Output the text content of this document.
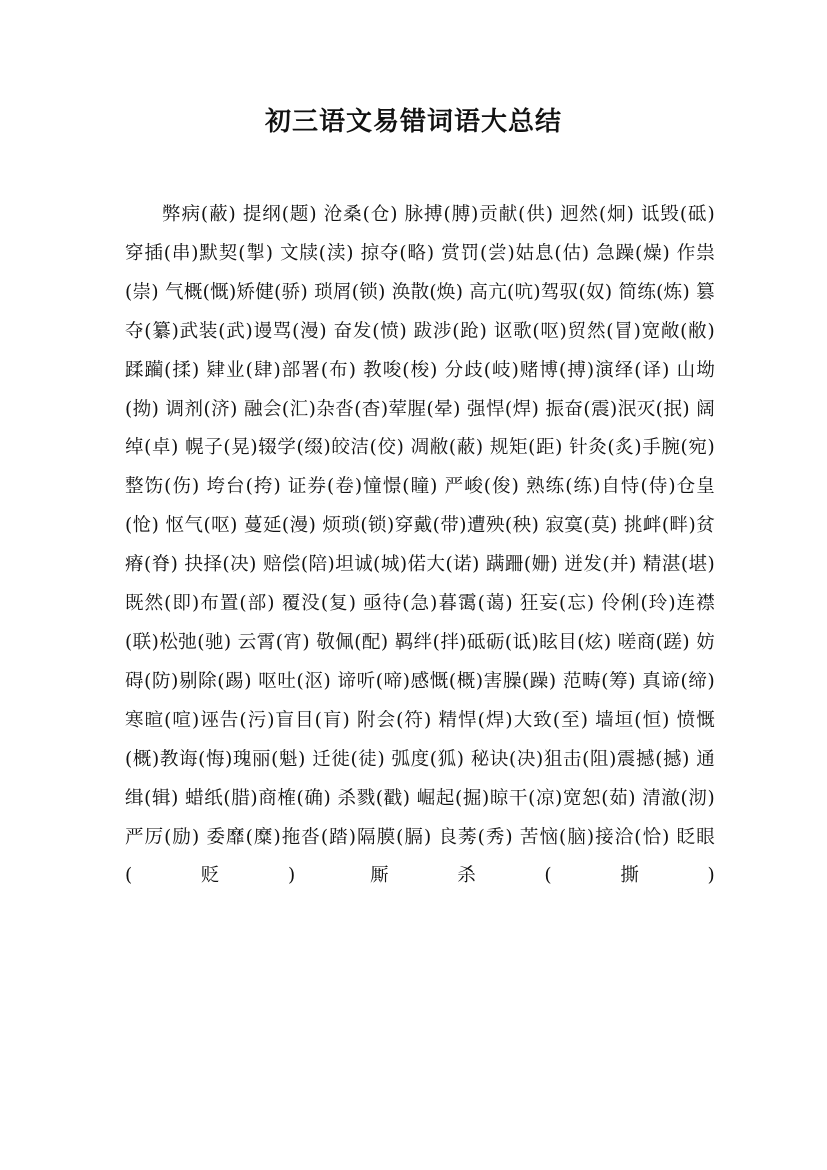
初三语文易错词语大总结

弊病(蔽) 提纲(题) 沧桑(仓) 脉搏(膊)贡献(供) 迥然(炯) 诋毁(砥) 穿插(串)默契(掣) 文牍(渎) 掠夺(略) 赏罚(尝)姑息(估) 急躁(燥) 作祟(崇) 气概(慨)矫健(骄) 琐屑(锁) 涣散(焕) 高亢(吭)驾驭(奴) 简练(炼) 篡夺(纂)武装(武)谩骂(漫) 奋发(愤) 跋涉(跄) 讴歌(呕)贸然(冒)宽敞(敝) 蹂躏(揉) 肄业(肆)部署(布) 教唆(梭) 分歧(岐)赌博(搏)演绎(译) 山坳(拗) 调剂(济) 融会(汇)杂沓(杳)荤腥(晕) 强悍(焊) 振奋(震)泯灭(抿) 阔绰(卓) 幌子(晃)辍学(缀)皎洁(佼) 凋敝(蔽) 规矩(距) 针灸(炙)手腕(宛)整饬(伤) 垮台(挎) 证券(卷)憧憬(瞳) 严峻(俊) 熟练(练)自恃(侍)仓皇(怆) 怄气(呕) 蔓延(漫) 烦琐(锁)穿戴(带)遭殃(秧) 寂寞(莫) 挑衅(畔)贫瘠(脊) 抉择(决) 赔偿(陪)坦诚(城)偌大(诺) 蹒跚(姗) 迸发(并) 精湛(堪)既然(即)布置(部) 覆没(复) 亟待(急)暮霭(蔼) 狂妄(忘) 伶俐(玲)连襟(联)松弛(驰) 云霄(宵) 敬佩(配) 羁绊(拌)砥砺(诋)眩目(炫) 嗟商(蹉) 妨碍(防)剔除(踢) 呕吐(沤) 谛听(啼)感慨(概)害臊(躁) 范畴(筹) 真谛(缔) 寒暄(喧)诬告(污)盲目(肓) 附会(符) 精悍(焊)大致(至) 墙垣(恒) 愤慨(概)教诲(悔)瑰丽(魁) 迁徙(徒) 弧度(狐) 秘诀(决)狙击(阻)震撼(撼) 通缉(辑) 蜡纸(腊)商榷(确) 杀戮(戳) 崛起(掘)晾干(凉)宽恕(茹) 清澈(沏) 严厉(励) 委靡(糜)拖沓(踏)隔膜(膈) 良莠(秀) 苦恼(脑)接洽(恰) 眨眼(贬) 厮杀(撕)
